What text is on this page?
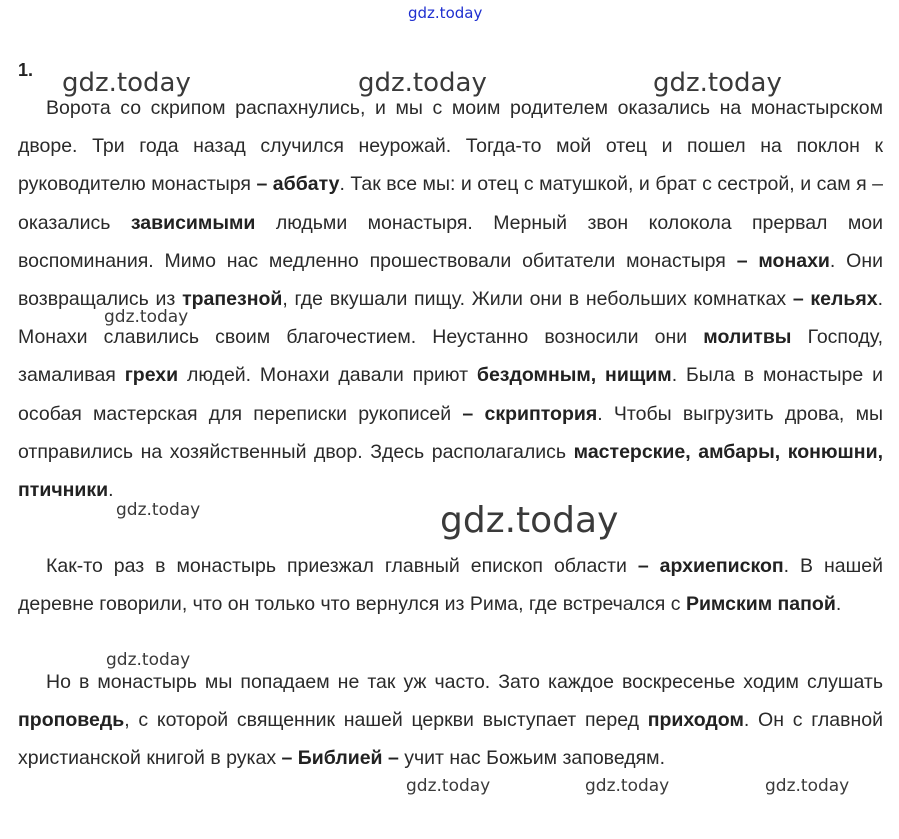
gdz.today
1.

Ворота со скрипом распахнулись, и мы с моим родителем оказались на монастырском дворе. Три года назад случился неурожай. Тогда-то мой отец и пошел на поклон к руководителю монастыря – аббату. Так все мы: и отец с матушкой, и брат с сестрой, и сам я – оказались зависимыми людьми монастыря. Мерный звон колокола прервал мои воспоминания. Мимо нас медленно прошествовали обитатели монастыря – монахи. Они возвращались из трапезной, где вкушали пищу. Жили они в небольших комнатках – кельях. Монахи славились своим благочестием. Неустанно возносили они молитвы Господу, замаливая грехи людей. Монахи давали приют бездомным, нищим. Была в монастыре и особая мастерская для переписки рукописей – скриптория. Чтобы выгрузить дрова, мы отправились на хозяйственный двор. Здесь располагались мастерские, амбары, конюшни, птичники.

Как-то раз в монастырь приезжал главный епископ области – архиепископ. В нашей деревне говорили, что он только что вернулся из Рима, где встречался с Римским папой.

Но в монастырь мы попадаем не так уж часто. Зато каждое воскресенье ходим слушать проповедь, с которой священник нашей церкви выступает перед приходом. Он с главной христианской книгой в руках – Библией – учит нас Божьим заповедям.

gdz.today	gdz.today	gdz.today
gdz.today
gdz.today	gdz.today
gdz.today
gdz.today	gdz.today	gdz.today
